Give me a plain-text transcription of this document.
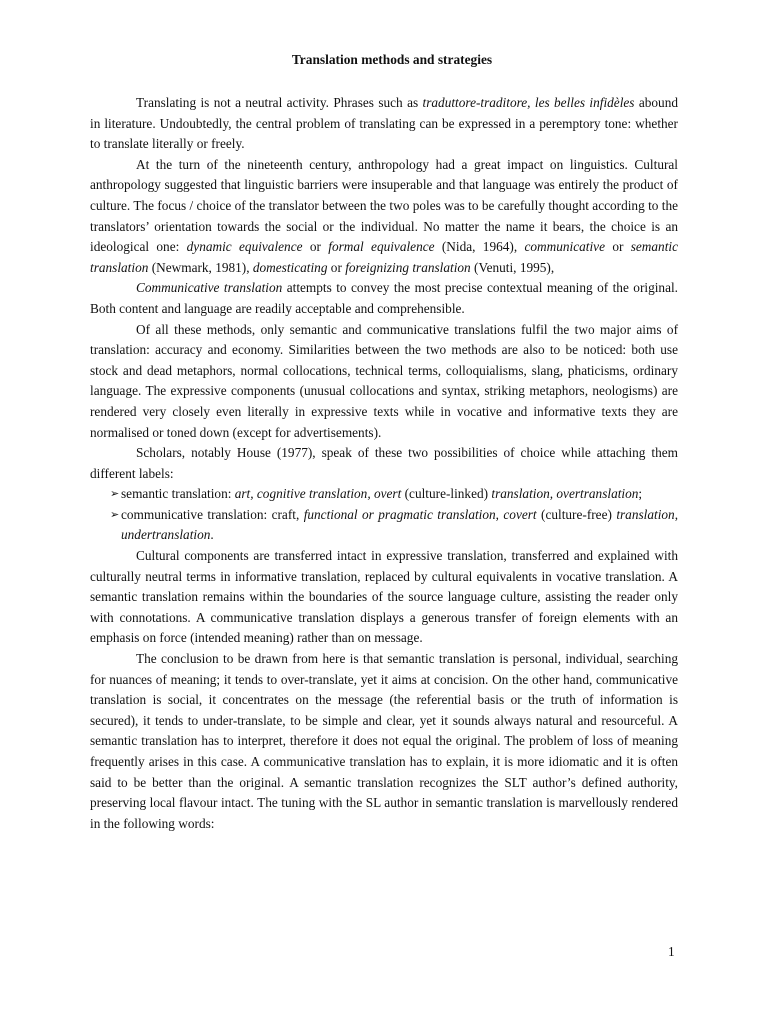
Translation methods and strategies

Translating is not a neutral activity. Phrases such as traduttore-traditore, les belles infidèles abound in literature. Undoubtedly, the central problem of translating can be expressed in a peremptory tone: whether to translate literally or freely.

At the turn of the nineteenth century, anthropology had a great impact on linguistics. Cultural anthropology suggested that linguistic barriers were insuperable and that language was entirely the product of culture. The focus / choice of the translator between the two poles was to be carefully thought according to the translators’ orientation towards the social or the individual. No matter the name it bears, the choice is an ideological one: dynamic equivalence or formal equivalence (Nida, 1964), communicative or semantic translation (Newmark, 1981), domesticating or foreignizing translation (Venuti, 1995),

Communicative translation attempts to convey the most precise contextual meaning of the original. Both content and language are readily acceptable and comprehensible.

Of all these methods, only semantic and communicative translations fulfil the two major aims of translation: accuracy and economy. Similarities between the two methods are also to be noticed: both use stock and dead metaphors, normal collocations, technical terms, colloquialisms, slang, phaticisms, ordinary language. The expressive components (unusual collocations and syntax, striking metaphors, neologisms) are rendered very closely even literally in expressive texts while in vocative and informative texts they are normalised or toned down (except for advertisements).

Scholars, notably House (1977), speak of these two possibilities of choice while attaching them different labels:

➢ semantic translation: art, cognitive translation, overt (culture-linked) translation, overtranslation;
➢ communicative translation: craft, functional or pragmatic translation, covert (culture-free) translation, undertranslation.

Cultural components are transferred intact in expressive translation, transferred and explained with culturally neutral terms in informative translation, replaced by cultural equivalents in vocative translation. A semantic translation remains within the boundaries of the source language culture, assisting the reader only with connotations. A communicative translation displays a generous transfer of foreign elements with an emphasis on force (intended meaning) rather than on message.

The conclusion to be drawn from here is that semantic translation is personal, individual, searching for nuances of meaning; it tends to over-translate, yet it aims at concision. On the other hand, communicative translation is social, it concentrates on the message (the referential basis or the truth of information is secured), it tends to under-translate, to be simple and clear, yet it sounds always natural and resourceful. A semantic translation has to interpret, therefore it does not equal the original. The problem of loss of meaning frequently arises in this case. A communicative translation has to explain, it is more idiomatic and it is often said to be better than the original. A semantic translation recognizes the SLT author’s defined authority, preserving local flavour intact. The tuning with the SL author in semantic translation is marvellously rendered in the following words:

1
